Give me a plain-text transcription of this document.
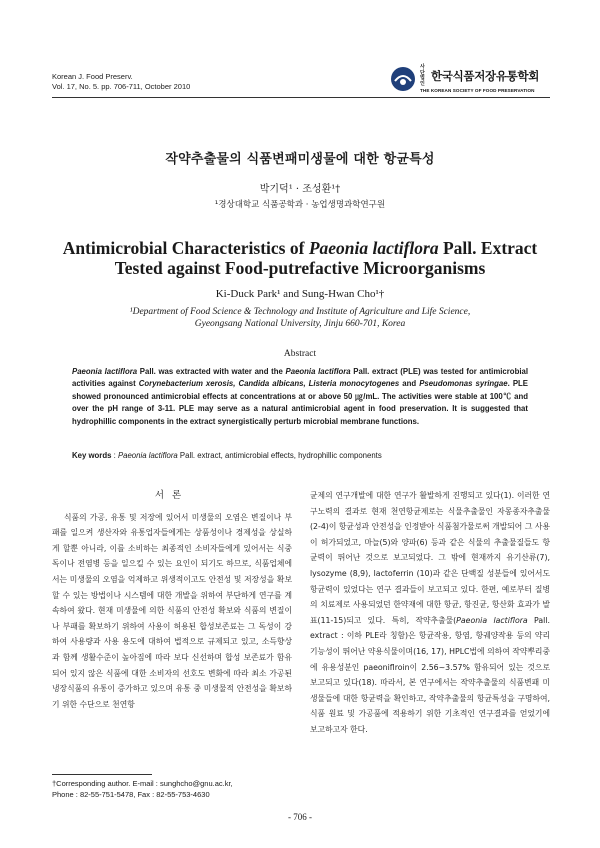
Korean J. Food Preserv.
Vol. 17, No. 5. pp. 706-711, October 2010
사단법인
한국식품저장유통학회
THE KOREAN SOCIETY OF FOOD PRESERVATION
작약추출물의 식품변패미생물에 대한 항균특성
박기덕¹ · 조성환¹†
¹경상대학교 식품공학과 · 농업생명과학연구원
Antimicrobial Characteristics of Paeonia lactiflora Pall. Extract Tested against Food-putrefactive Microorganisms
Ki-Duck Park¹ and Sung-Hwan Cho¹†
¹Department of Food Science & Technology and Institute of Agriculture and Life Science,
Gyeongsang National University, Jinju 660-701, Korea
Abstract
Paeonia lactiflora Pall. was extracted with water and the Paeonia lactiflora Pall. extract (PLE) was tested for antimicrobial activities against Corynebacterium xerosis, Candida albicans, Listeria monocytogenes and Pseudomonas syringae. PLE showed pronounced antimicrobial effects at concentrations at or above 50 ㎍/mL. The activities were stable at 100℃ and over the pH range of 3-11. PLE may serve as a natural antimicrobial agent in food preservation. It is suggested that hydrophillic components in the extract synergistically perturb microbial membrane functions.
Key words : Paeonia lactiflora Pall. extract, antimicrobial effects, hydrophillic components
서론
식품의 가공, 유통 및 저장에 있어서 미생물의 오염은 변질이나 부패를 일으켜 생산자와 유통업자들에게는 상품성이나 경제성을 상실하게 할뿐 아니라, 이를 소비하는 최종적인 소비자들에게 있어서는 식중독이나 전염병 등을 일으킬 수 있는 요인이 되기도 하므로, 식품업체에서는 미생물의 오염을 억제하고 위생적이고도 안전성 및 저장성을 확보할 수 있는 방법이나 시스템에 대한 개발을 위하여 부단하게 연구를 계속하여 왔다. 현재 미생물에 의한 식품의 안전성 확보와 식품의 변질이나 부패를 확보하기 위하여 사용이 허용된 합성보존료는 그 독성이 강하여 사용량과 사용 용도에 대하여 법적으로 규제되고 있고, 소득향상과 함께 생활수준이 높아짐에 따라 보다 신선하며 합성 보존료가 함유되어 있지 않은 식품에 대한 소비자의 선호도 변화에 따라 최소 가공된 냉장식품의 유통이 증가하고 있으며 유통 중 미생물적 안전성을 확보하기 위한 수단으로 천연항
균제의 연구개발에 대한 연구가 활발하게 진행되고 있다(1). 이러한 연구노력의 결과로 현재 천연항균제로는 식물추출물인 자몽종자추출물(2-4)이 항균성과 안전성을 인정받아 식품첨가물로써 개발되어 그 사용이 허가되었고, 마늘(5)와 양파(6) 등과 같은 식물의 추출물질들도 항균력이 뛰어난 것으로 보고되었다. 그 밖에 현재까지 유기산류(7), lysozyme (8,9), lactoferrin (10)과 같은 단백질 성분들에 있어서도 항균력이 있었다는 연구 결과들이 보고되고 있다. 한편, 예로부터 질병의 치료제로 사용되었던 한약재에 대한 항균, 항진균, 항산화 효과가 발표(11-15)되고 있다. 특히, 작약추출물(Paeonia lactiflora Pall. extract : 이하 PLE라 칭함)은 항균작용, 항염, 항궤양작용 등의 약리기능성이 뛰어난 약용식물이며(16, 17), HPLC법에 의하여 작약뿌리중에 유용성분인 paeoniflroin이 2.56∼3.57% 함유되어 있는 것으로 보고되고 있다(18). 따라서, 본 연구에서는 작약추출물의 식품변패 미생물들에 대한 항균력을 확인하고, 작약추출물의 항균특성을 구명하여, 식품 원료 및 가공품에 적용하기 위한 기초적인 연구결과를 얻었기에 보고하고자 한다.
†Corresponding author. E-mail : sunghcho@gnu.ac.kr,
Phone : 82-55-751-5478, Fax : 82-55-753-4630
- 706 -
